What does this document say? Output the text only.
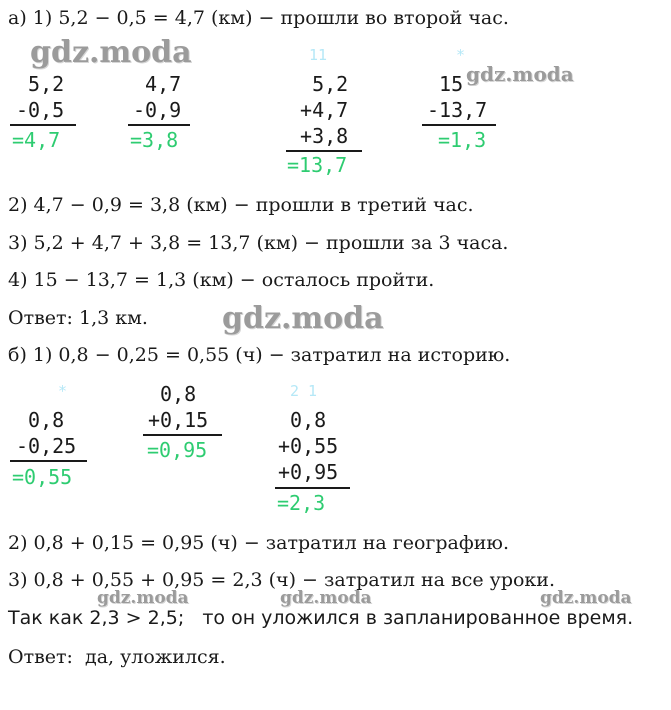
а) 1) 5,2 − 0,5 = 4,7 (км) − прошли во второй час.
5,2
-0,5
=4,7
4,7
-0,9
=3,8
11
5,2
+4,7
+3,8
=13,7
*
15
-13,7
=1,3
2) 4,7 − 0,9 = 3,8 (км) − прошли в третий час.
3) 5,2 + 4,7 + 3,8 = 13,7 (км) − прошли за 3 часа.
4) 15 − 13,7 = 1,3 (км) − осталось пройти.
Ответ: 1,3 км.
б) 1) 0,8 − 0,25 = 0,55 (ч) − затратил на историю.
*
0,8
-0,25
=0,55
0,8
+0,15
=0,95
2 1
0,8
+0,55
+0,95
=2,3
2) 0,8 + 0,15 = 0,95 (ч) − затратил на географию.
3) 0,8 + 0,55 + 0,95 = 2,3 (ч) − затратил на все уроки.
Так как 2,3 > 2,5;   то он уложился в запланированное время.
Ответ:  да, уложился.
gdz.moda
gdz.moda
gdz.moda
gdz.moda	gdz.moda	gdz.moda
